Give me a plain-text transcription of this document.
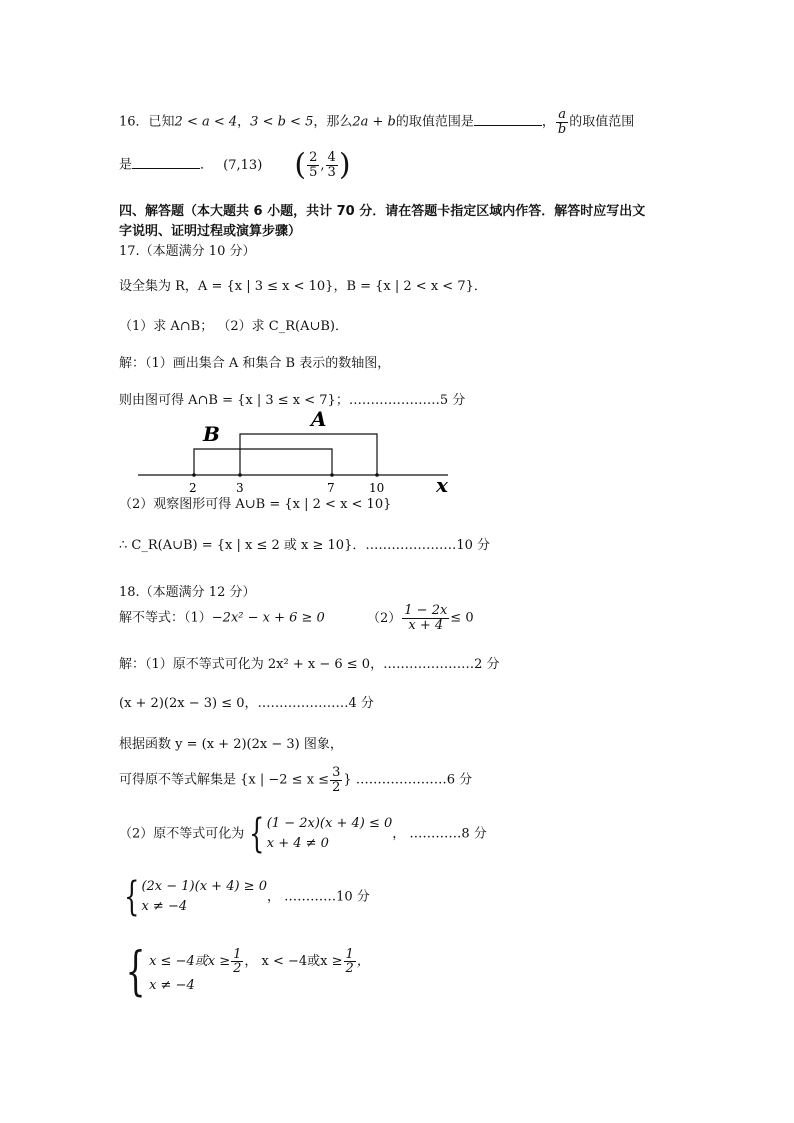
16．已知2 < a < 4，3 < b < 5，那么2a + b的取值范围是	， $\frac{a}{b}$ 的取值范围
是	． (7,13) ( $\frac{2}{5}$ , $\frac{4}{3}$ )
四、解答题（本大题共 6 小题，共计 70 分．请在答题卡指定区域内作答．解答时应写出文
字说明、证明过程或演算步骤）
17.（本题满分 10 分）
设全集为 R，A = {x | 3 ≤ x < 10}，B = {x | 2 < x < 7}．
（1）求 A∩B； （2）求 C_R(A∪B)．
解：（1）画出集合 A 和集合 B 表示的数轴图，
则由图可得 A∩B = {x | 3 ≤ x < 7}；…………………5 分
A
B
x
2	3	7	10
（2）观察图形可得 A∪B = {x | 2 < x < 10}
∴ C_R(A∪B) = {x | x ≤ 2 或 x ≥ 10}．…………………10 分
18.（本题满分 12 分）
解不等式：（1）−2x² − x + 6 ≥ 0	$(2) \frac{1 - 2x}{x + 4} \le 0$
解：（1）原不等式可化为 2x² + x − 6 ≤ 0，…………………2 分
(x + 2)(2x − 3) ≤ 0，…………………4 分
根据函数 y = (x + 2)(2x − 3) 图象，
可得原不等式解集是 {x | $-2 \le x \le \frac{3}{2}$ } …………………6 分
（2）原不等式可化为 { (1 − 2x)(x + 4) ≤ 0
x + 4 ≠ 0
， …………8 分
{ (2x − 1)(x + 4) ≥ 0
x ≠ −4
， …………10 分
{ x ≤ −4或$x \ge \frac{1}{2}$ ， x < −4或$x \ge \frac{1}{2}$ ，
x ≠ −4
